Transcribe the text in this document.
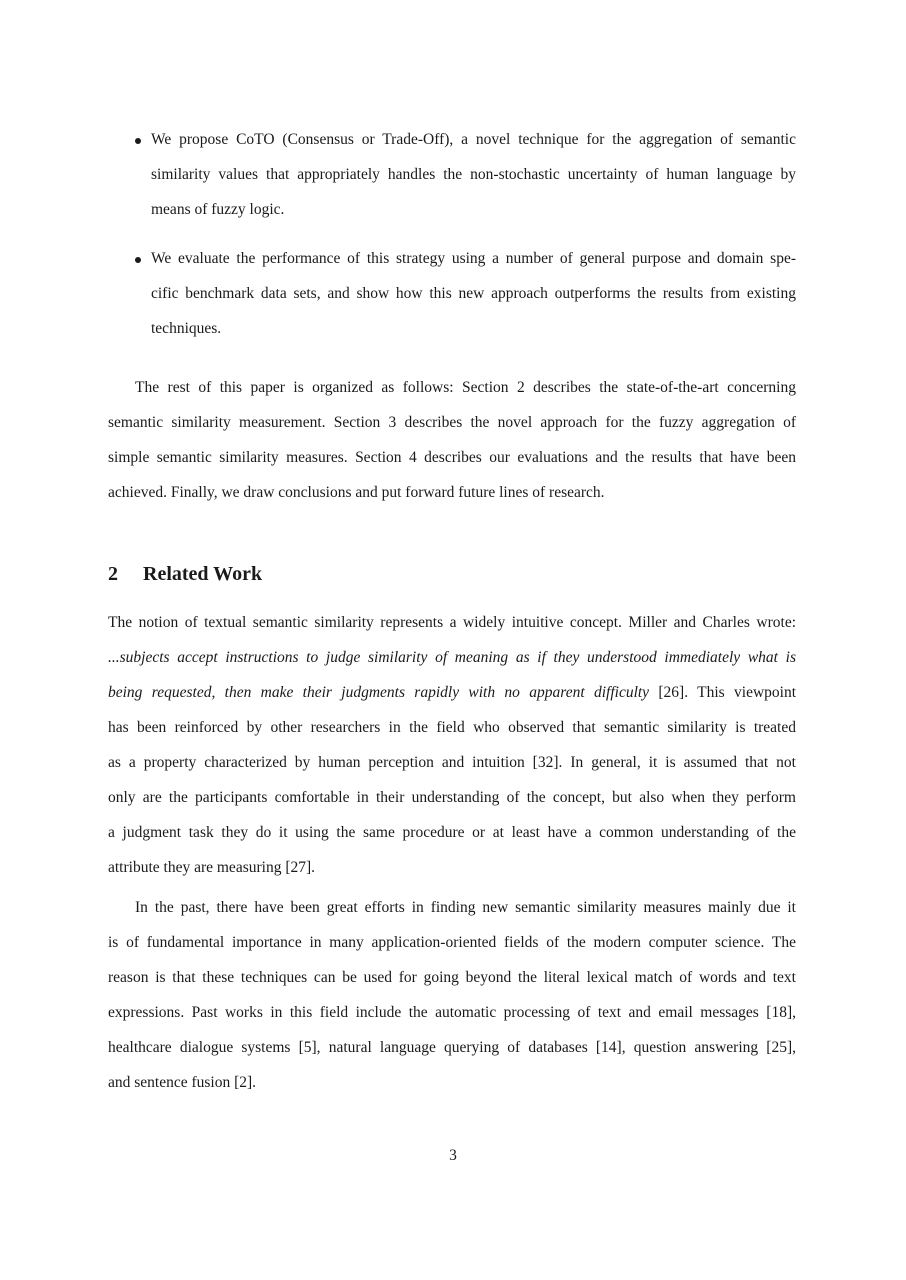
We propose CoTO (Consensus or Trade-Off), a novel technique for the aggregation of semantic
similarity values that appropriately handles the non-stochastic uncertainty of human language by
means of fuzzy logic.
We evaluate the performance of this strategy using a number of general purpose and domain spe-
cific benchmark data sets, and show how this new approach outperforms the results from existing
techniques.
The rest of this paper is organized as follows: Section 2 describes the state-of-the-art concerning
semantic similarity measurement. Section 3 describes the novel approach for the fuzzy aggregation of
simple semantic similarity measures. Section 4 describes our evaluations and the results that have been
achieved. Finally, we draw conclusions and put forward future lines of research.
2 Related Work
The notion of textual semantic similarity represents a widely intuitive concept. Miller and Charles wrote:
...subjects accept instructions to judge similarity of meaning as if they understood immediately what is
being requested, then make their judgments rapidly with no apparent difficulty [26]. This viewpoint
has been reinforced by other researchers in the field who observed that semantic similarity is treated
as a property characterized by human perception and intuition [32]. In general, it is assumed that not
only are the participants comfortable in their understanding of the concept, but also when they perform
a judgment task they do it using the same procedure or at least have a common understanding of the
attribute they are measuring [27].
In the past, there have been great efforts in finding new semantic similarity measures mainly due it
is of fundamental importance in many application-oriented fields of the modern computer science. The
reason is that these techniques can be used for going beyond the literal lexical match of words and text
expressions. Past works in this field include the automatic processing of text and email messages [18],
healthcare dialogue systems [5], natural language querying of databases [14], question answering [25],
and sentence fusion [2].
3
